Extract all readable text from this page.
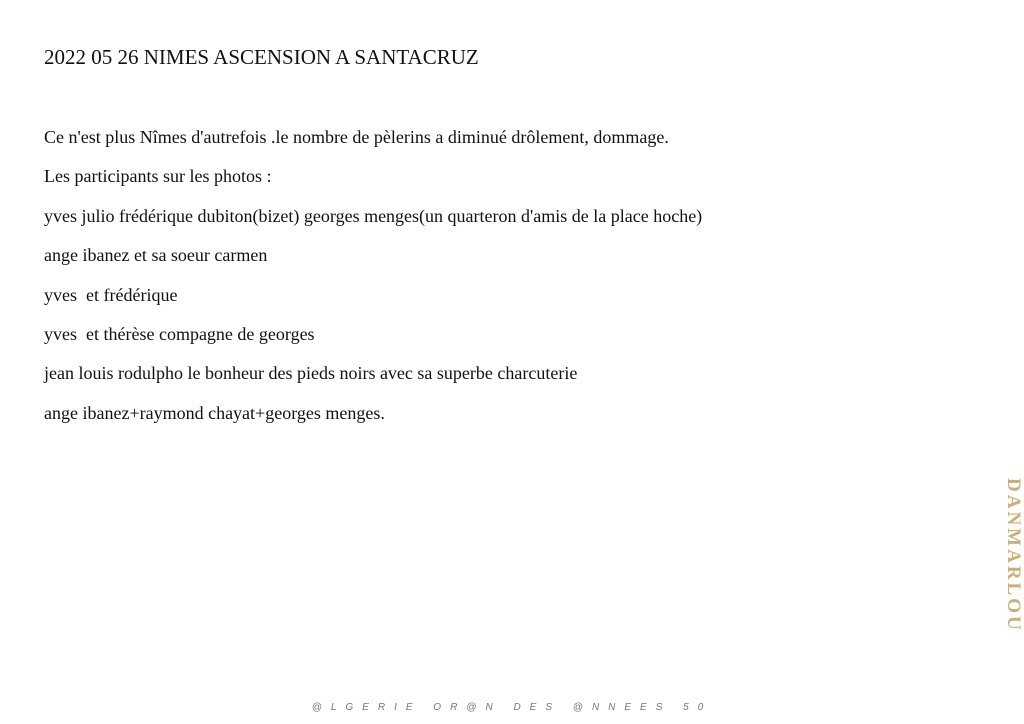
2022 05 26 NIMES ASCENSION A SANTACRUZ

Ce n'est plus Nîmes d'autrefois .le nombre de pèlerins a diminué drôlement, dommage.

Les participants sur les photos :

yves julio frédérique dubiton(bizet) georges menges(un quarteron d'amis de la place hoche)

ange ibanez et sa soeur carmen

yves  et frédérique

yves  et thérèse compagne de georges

jean louis rodulpho le bonheur des pieds noirs avec sa superbe charcuterie

ange ibanez+raymond chayat+georges menges.

DANMARLOU
@LGERIE OR@N DES @NNEES 50
